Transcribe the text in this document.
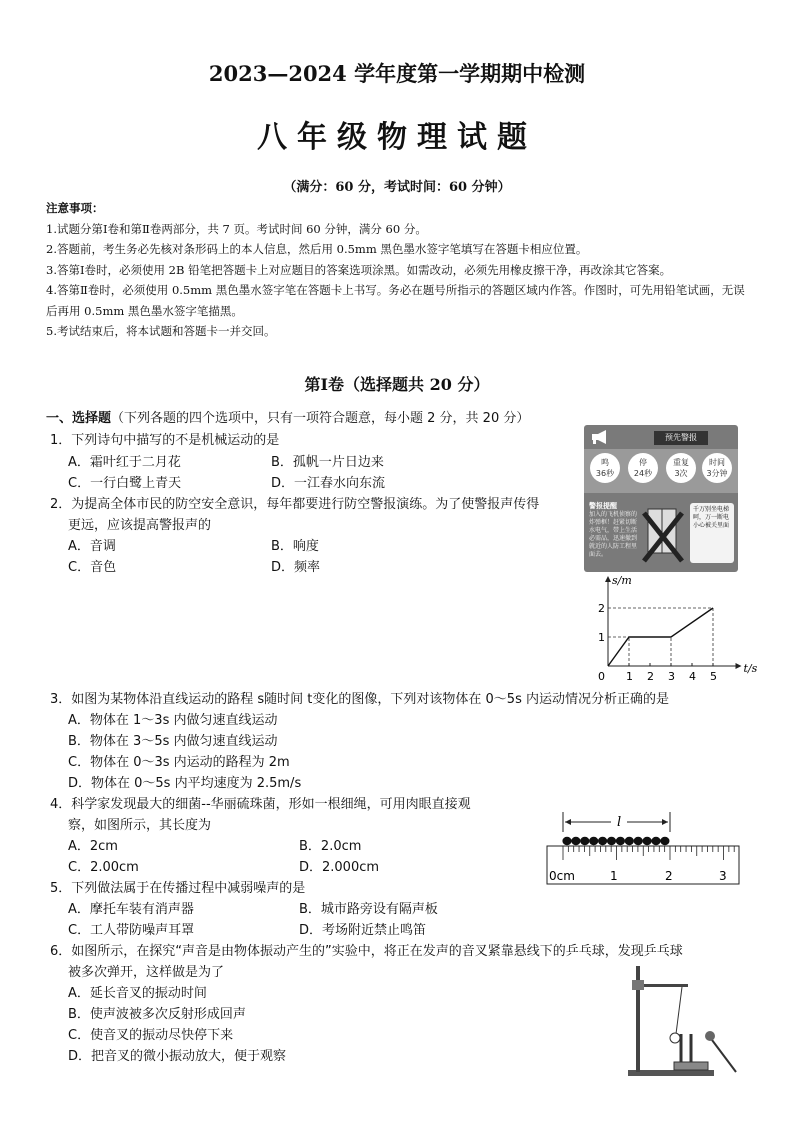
2023—2024 学年度第一学期期中检测
八年级物理试题
（满分：60 分，考试时间：60 分钟）
注意事项：
1.试题分第Ⅰ卷和第Ⅱ卷两部分，共 7 页。考试时间 60 分钟，满分 60 分。
2.答题前，考生务必先核对条形码上的本人信息，然后用 0.5mm 黑色墨水签字笔填写在答题卡相应位置。
3.答第Ⅰ卷时，必须使用 2B 铅笔把答题卡上对应题目的答案选项涂黑。如需改动，必须先用橡皮擦干净，再改涂其它答案。
4.答第Ⅱ卷时，必须使用 0.5mm 黑色墨水签字笔在答题卡上书写。务必在题号所指示的答题区域内作答。作图时，可先用铅笔试画，无误后再用 0.5mm 黑色墨水签字笔描黑。
5.考试结束后，将本试题和答题卡一并交回。
第Ⅰ卷（选择题共 20 分）
一、选择题（下列各题的四个选项中，只有一项符合题意，每小题 2 分，共 20 分）
1．下列诗句中描写的不是机械运动的是
A．霜叶红于二月花	B．孤帆一片日边来
C．一行白鹭上青天	D．一江春水向东流
2．为提高全体市民的防空安全意识，每年都要进行防空警报演练。为了使警报声传得
更远，应该提高警报声的
A．音调	B．响度
C．音色	D．频率
预先警报
鸣
36秒
停
24秒
重复
3次
时间
3分钟
警报提醒
加入的飞机侦察的炸弹框！赶紧切断水电气，带上生活必需品，迅速撤到就近的人防工程里面去。
千万别坐电梯呵，万一断电小心被关里面
s/m
t/s
0 1 2 3 4 5
1
2
3．如图为某物体沿直线运动的路程 s随时间 t变化的图像，下列对该物体在 0～5s 内运动情况分析正确的是
A．物体在 1～3s 内做匀速直线运动
B．物体在 3～5s 内做匀速直线运动
C．物体在 0～3s 内运动的路程为 2m
D．物体在 0～5s 内平均速度为 2.5m/s
4．科学家发现最大的细菌--华丽硫珠菌，形如一根细绳，可用肉眼直接观
察，如图所示，其长度为
A．2cm	B．2.0cm
C．2.00cm	D．2.000cm
l
0cm	1	2	3
5．下列做法属于在传播过程中减弱噪声的是
A．摩托车装有消声器	B．城市路旁设有隔声板
C．工人带防噪声耳罩	D．考场附近禁止鸣笛
6．如图所示，在探究“声音是由物体振动产生的”实验中，将正在发声的音叉紧靠悬线下的乒乓球，发现乒乓球
被多次弹开，这样做是为了
A．延长音叉的振动时间
B．使声波被多次反射形成回声
C．使音叉的振动尽快停下来
D．把音叉的微小振动放大，便于观察
